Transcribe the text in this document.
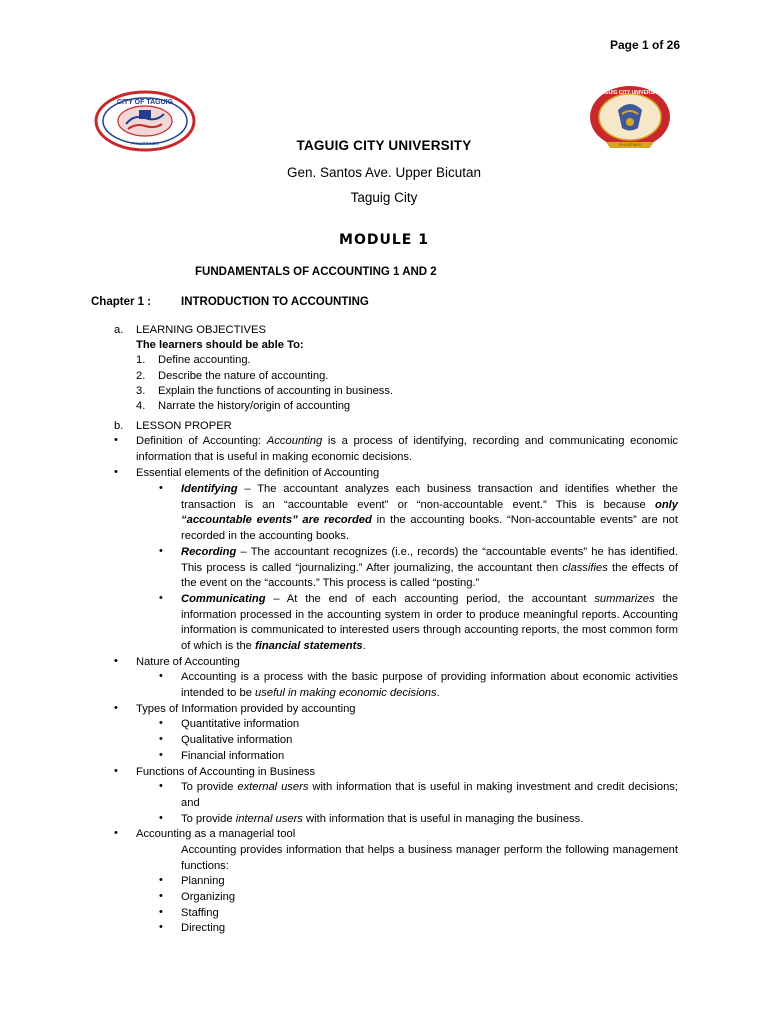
Page 1 of 26
CITY OF TAGUIG
PHILIPPINES
TAGUIG CITY UNIVERSITY
PHILIPPINES
TAGUIG CITY UNIVERSITY
Gen. Santos Ave. Upper Bicutan
Taguig City
MODULE 1
FUNDAMENTALS OF ACCOUNTING 1 AND 2
Chapter 1 :	INTRODUCTION TO ACCOUNTING
a. LEARNING OBJECTIVES
The learners should be able To:
1. Define accounting.
2. Describe the nature of accounting.
3. Explain the functions of accounting in business.
4. Narrate the history/origin of accounting
b. LESSON PROPER
• Definition of Accounting: Accounting is a process of identifying, recording and communicating economic information that is useful in making economic decisions.
• Essential elements of the definition of Accounting
• Identifying – The accountant analyzes each business transaction and identifies whether the transaction is an “accountable event” or “non-accountable event.” This is because only “accountable events” are recorded in the accounting books. “Non-accountable events” are not recorded in the accounting books.
• Recording – The accountant recognizes (i.e., records) the “accountable events” he has identified. This process is called “journalizing.” After journalizing, the accountant then classifies the effects of the event on the “accounts.” This process is called “posting.”
• Communicating – At the end of each accounting period, the accountant summarizes the information processed in the accounting system in order to produce meaningful reports. Accounting information is communicated to interested users through accounting reports, the most common form of which is the financial statements.
• Nature of Accounting
• Accounting is a process with the basic purpose of providing information about economic activities intended to be useful in making economic decisions.
• Types of Information provided by accounting
• Quantitative information
• Qualitative information
• Financial information
• Functions of Accounting in Business
• To provide external users with information that is useful in making investment and credit decisions; and
• To provide internal users with information that is useful in managing the business.
• Accounting as a managerial tool
Accounting provides information that helps a business manager perform the following management functions:
• Planning
• Organizing
• Staffing
• Directing
